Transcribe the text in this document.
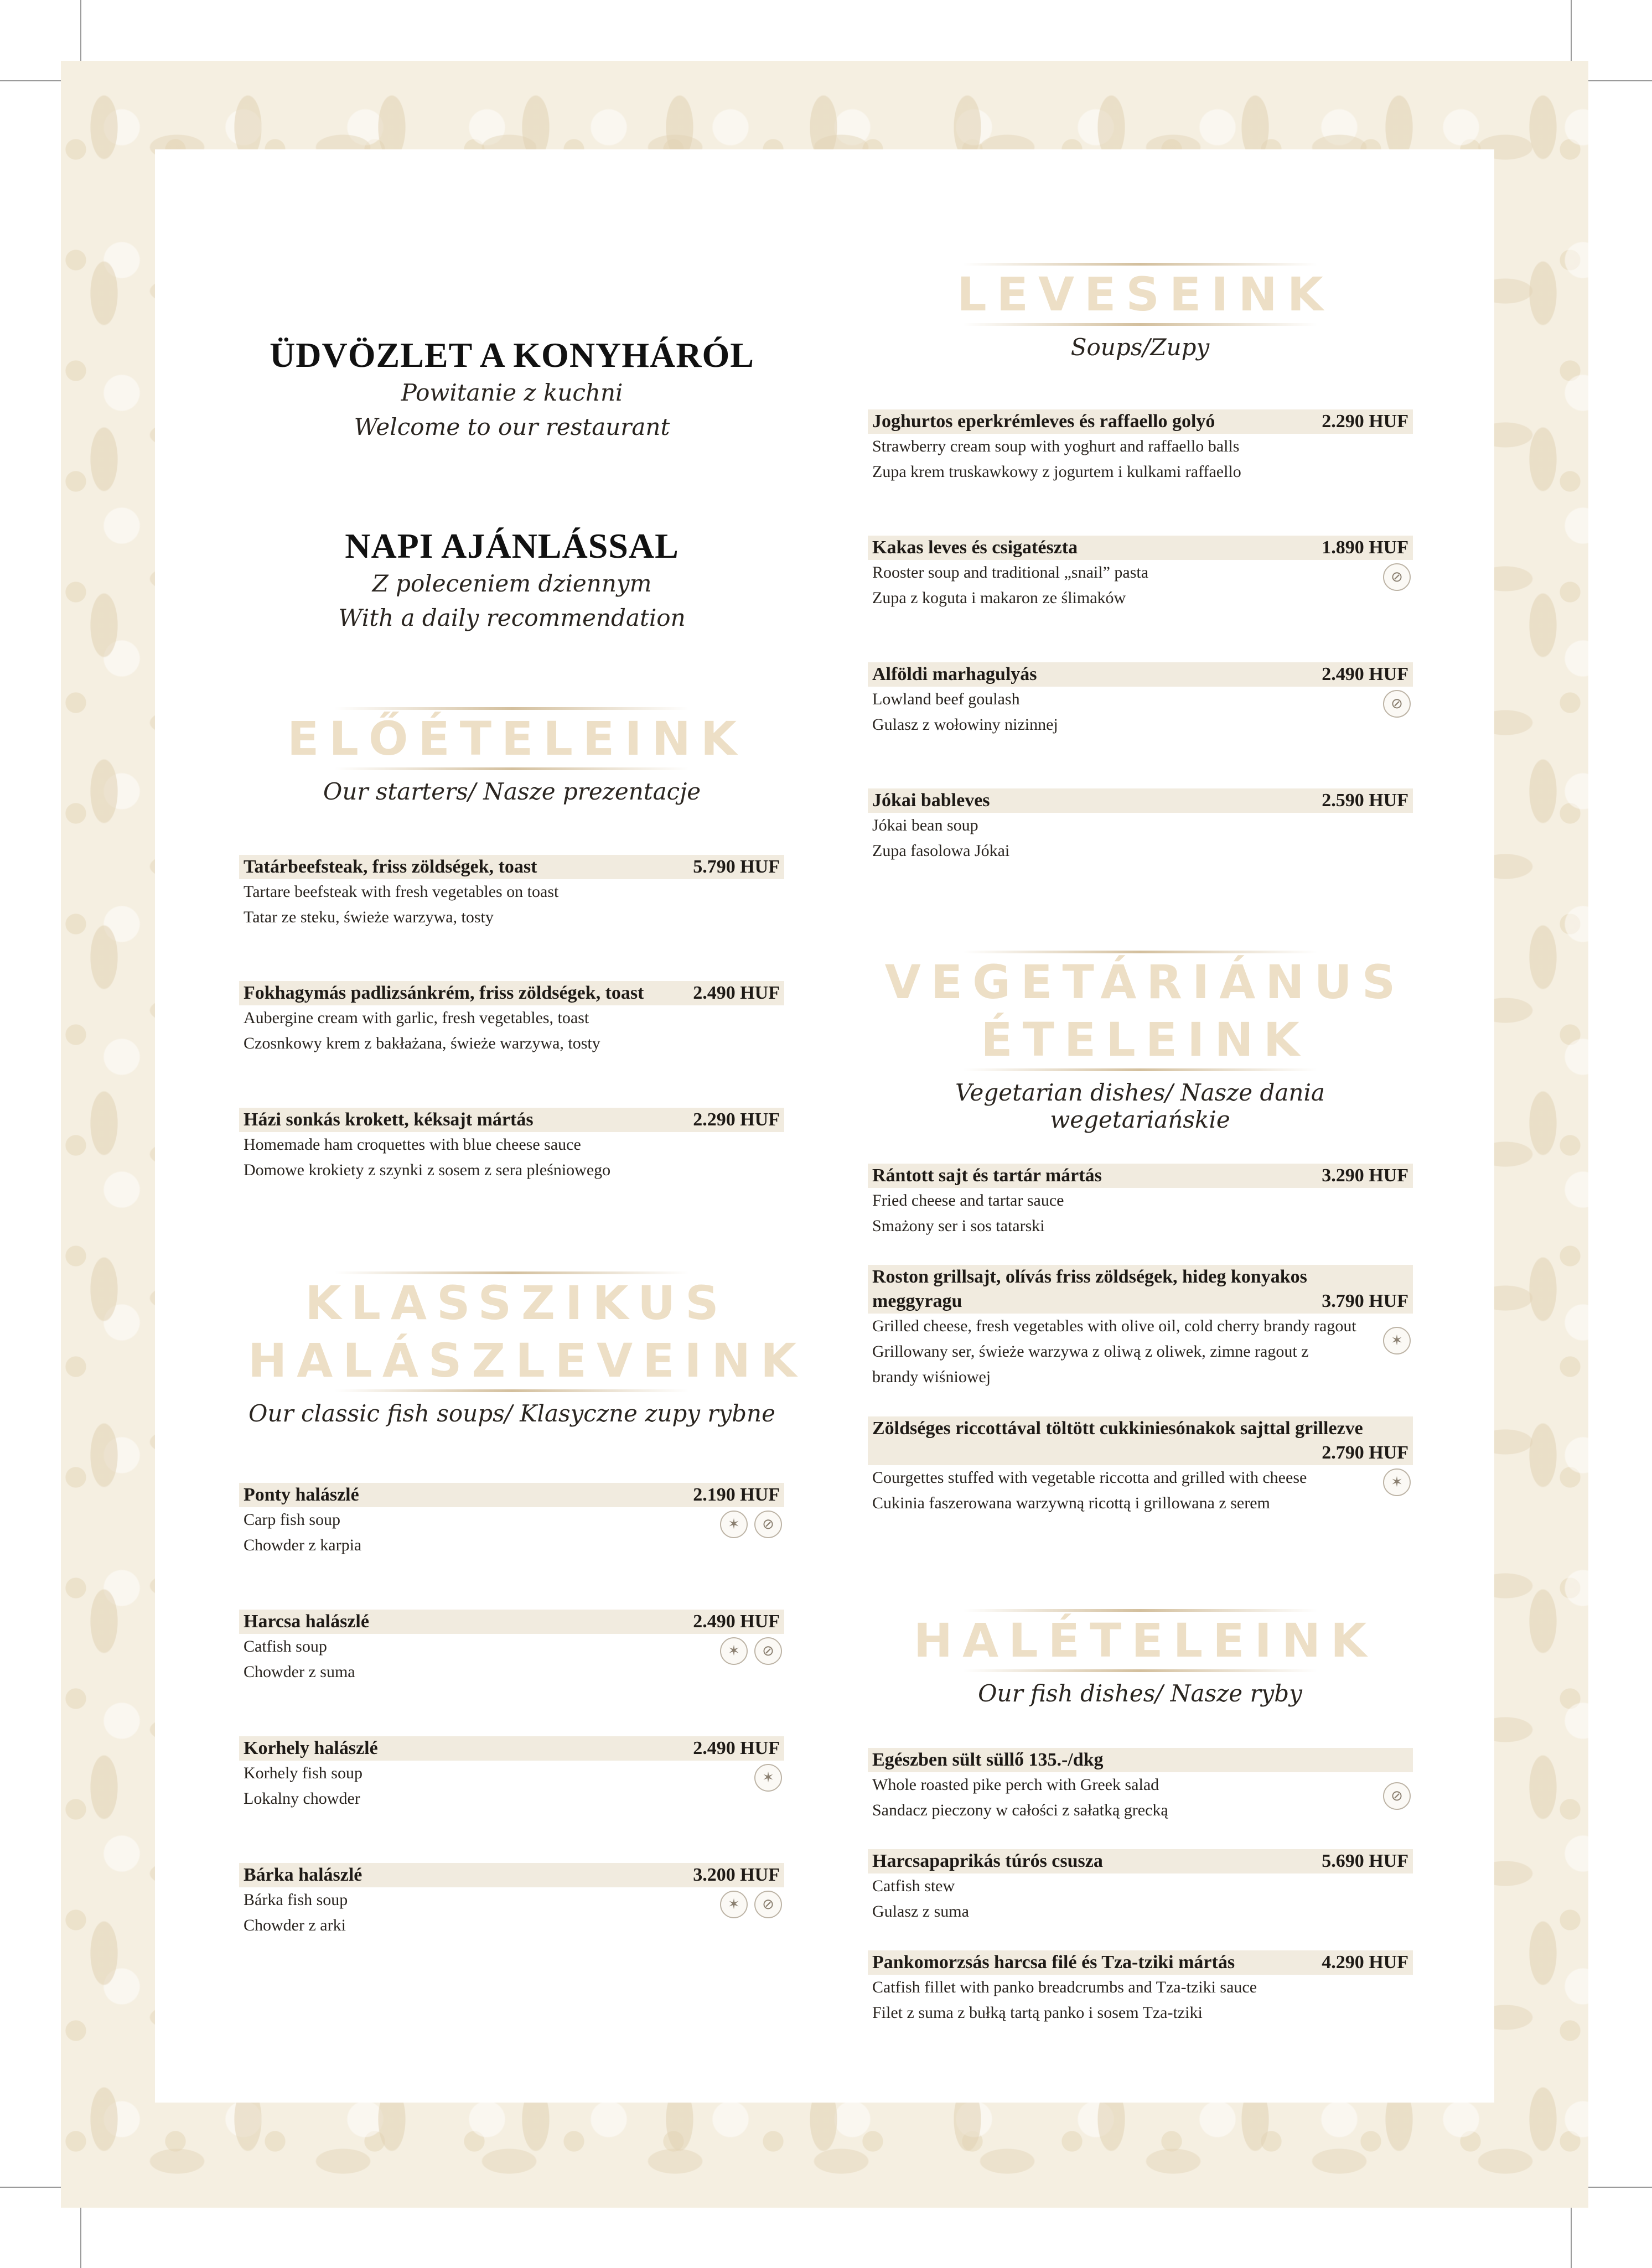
ÜDVÖZLET A KONYHÁRÓL
Powitanie z kuchni
Welcome to our restaurant
NAPI AJÁNLÁSSAL
Z poleceniem dziennym
With a daily recommendation
ELŐÉTELEINK
Our starters/ Nasze prezentacje
Tatárbeefsteak, friss zöldségek, toast	5.790 HUF
Tartare beefsteak with fresh vegetables on toast
Tatar ze steku, świeże warzywa, tosty
Fokhagymás padlizsánkrém, friss zöldségek, toast	2.490 HUF
Aubergine cream with garlic, fresh vegetables, toast
Czosnkowy krem z bakłażana, świeże warzywa, tosty
Házi sonkás krokett, kéksajt mártás	2.290 HUF
Homemade ham croquettes with blue cheese sauce
Domowe krokiety z szynki z sosem z sera pleśniowego
KLASSZIKUS
HALÁSZLEVEINK
Our classic fish soups/ Klasyczne zupy rybne
Ponty halászlé	2.190 HUF
Carp fish soup
Chowder z karpia
✶	⊘
Harcsa halászlé	2.490 HUF
Catfish soup
Chowder z suma
✶	⊘
Korhely halászlé	2.490 HUF
Korhely fish soup
Lokalny chowder
✶
Bárka halászlé	3.200 HUF
Bárka fish soup
Chowder z arki
✶	⊘
LEVESEINK
Soups/Zupy
Joghurtos eperkrémleves és raffaello golyó	2.290 HUF
Strawberry cream soup with yoghurt and raffaello balls
Zupa krem truskawkowy z jogurtem i kulkami raffaello
Kakas leves és csigatészta	1.890 HUF
Rooster soup and traditional „snail” pasta
Zupa z koguta i makaron ze ślimaków
⊘
Alföldi marhagulyás	2.490 HUF
Lowland beef goulash
Gulasz z wołowiny nizinnej
⊘
Jókai bableves	2.590 HUF
Jókai bean soup
Zupa fasolowa Jókai
VEGETÁRIÁNUS
ÉTELEINK
Vegetarian dishes/ Nasze dania wegetariańskie
Rántott sajt és tartár mártás	3.290 HUF
Fried cheese and tartar sauce
Smażony ser i sos tatarski
Roston grillsajt, olívás friss zöldségek, hideg konyakos
meggyragu	3.790 HUF
Grilled cheese, fresh vegetables with olive oil, cold cherry brandy ragout
Grillowany ser, świeże warzywa z oliwą z oliwek, zimne ragout z
brandy wiśniowej
✶
Zöldséges riccottával töltött cukkiniesónakok sajttal grillezve
2.790 HUF
Courgettes stuffed with vegetable riccotta and grilled with cheese
Cukinia faszerowana warzywną ricottą i grillowana z serem
✶
HALÉTELEINK
Our fish dishes/ Nasze ryby
Egészben sült süllő 135.-/dkg
Whole roasted pike perch with Greek salad
Sandacz pieczony w całości z sałatką grecką
⊘
Harcsapaprikás túrós csusza	5.690 HUF
Catfish stew
Gulasz z suma
Pankomorzsás harcsa filé és Tza-tziki mártás	4.290 HUF
Catfish fillet with panko breadcrumbs and Tza-tziki sauce
Filet z suma z bułką tartą panko i sosem Tza-tziki
